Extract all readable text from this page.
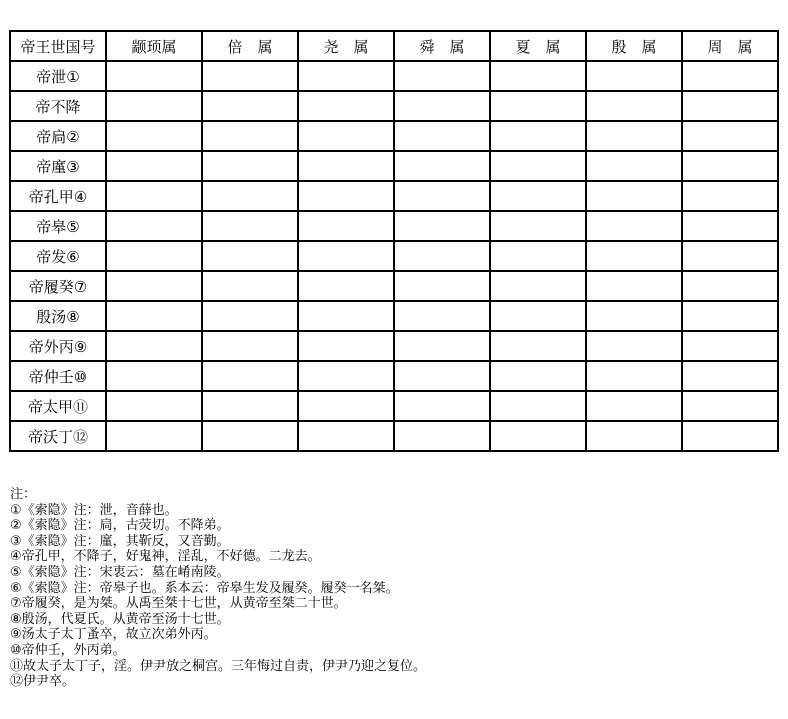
帝王世国号	颛顼属	倍　属	尧　属	舜　属	夏　属	殷　属	周　属
帝泄①							
帝不降							
帝扃②							
帝廑③							
帝孔甲④							
帝皋⑤							
帝发⑥							
帝履癸⑦							
殷汤⑧							
帝外丙⑨							
帝仲壬⑩							
帝太甲⑪							
帝沃丁⑫							
注：
①《索隐》注：泄，音薛也。
②《索隐》注：扃，古荧切。不降弟。
③《索隐》注：廑，其靳反，又音勤。
④帝孔甲，不降子，好鬼神，淫乱，不好德。二龙去。
⑤《索隐》注：宋衷云：墓在崤南陵。
⑥《索隐》注：帝皋子也。系本云：帝皋生发及履癸。履癸一名桀。
⑦帝履癸，是为桀。从禹至桀十七世，从黄帝至桀二十世。
⑧殷汤，代夏氏。从黄帝至汤十七世。
⑨汤太子太丁蚤卒，故立次弟外丙。
⑩帝仲壬，外丙弟。
⑪故太子太丁子，淫。伊尹放之桐宫。三年悔过自责，伊尹乃迎之复位。
⑫伊尹卒。
